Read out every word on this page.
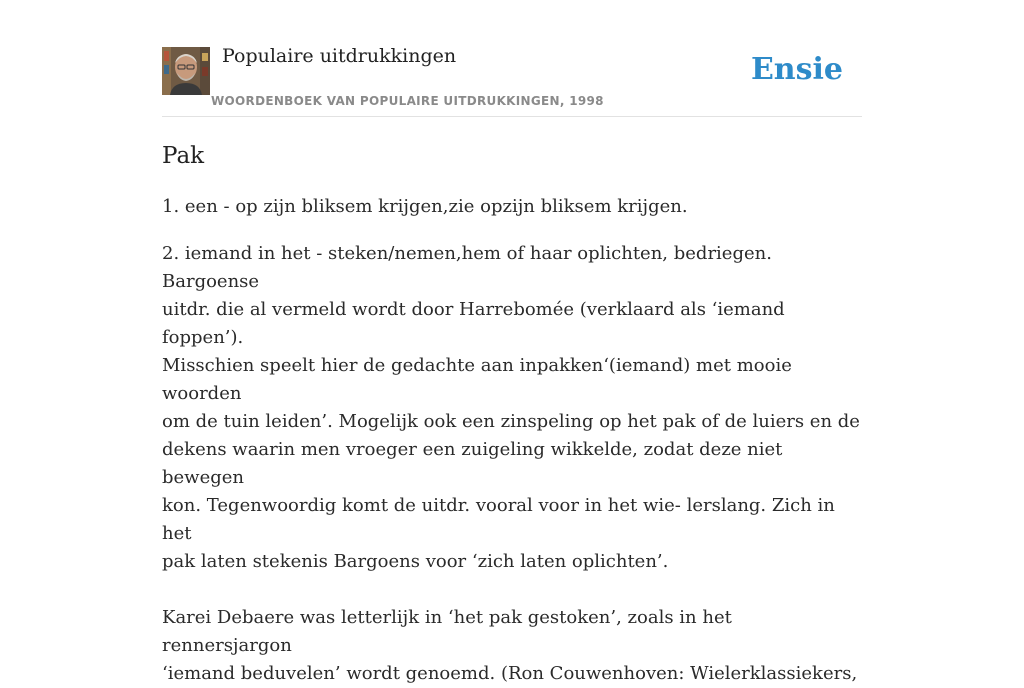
Populaire uitdrukkingen
WOORDENBOEK VAN POPULAIRE UITDRUKKINGEN, 1998
Ensie
Pak

1. een - op zijn bliksem krijgen,zie opzijn bliksem krijgen.

2. iemand in het - steken/nemen,hem of haar oplichten, bedriegen. Bargoense
uitdr. die al vermeld wordt door Harrebomée (verklaard als ‘iemand foppen’).
Misschien speelt hier de gedachte aan inpakken‘(iemand) met mooie woorden
om de tuin leiden’. Mogelijk ook een zinspeling op het pak of de luiers en de
dekens waarin men vroeger een zuigeling wikkelde, zodat deze niet bewegen
kon. Tegenwoordig komt de uitdr. vooral voor in het wie- lerslang. Zich in het
pak laten stekenis Bargoens voor ‘zich laten oplichten’.

Karei Debaere was letterlijk in ‘het pak gestoken’, zoals in het rennersjargon
‘iemand beduvelen’ wordt genoemd. (Ron Couwenhoven: Wielerklassiekers,
